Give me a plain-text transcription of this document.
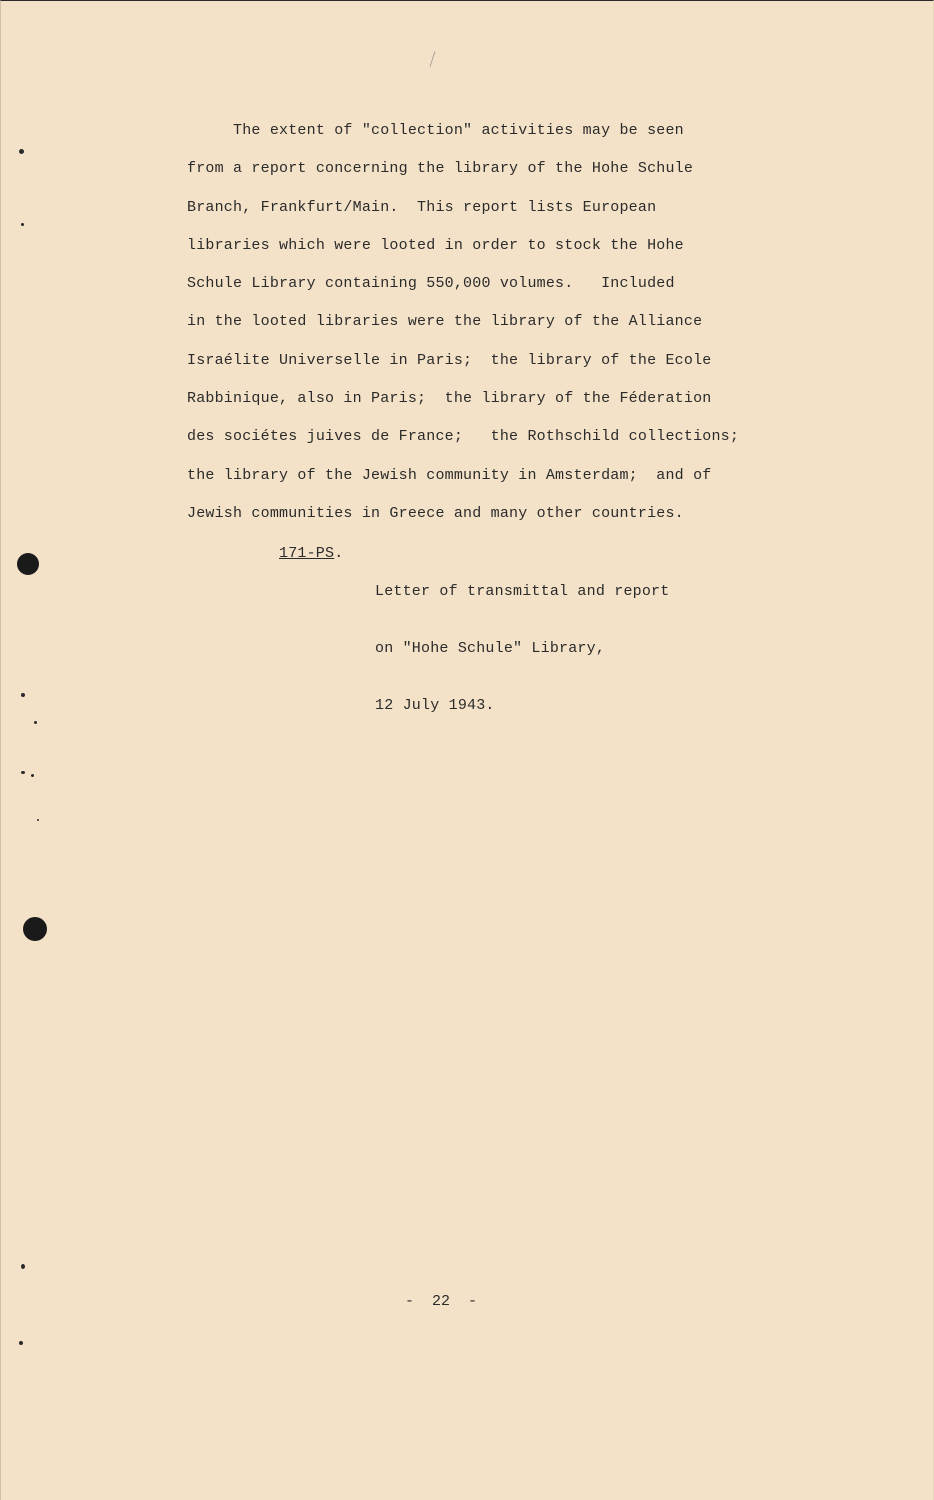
The extent of "collection" activities may be seen
from a report concerning the library of the Hohe Schule
Branch, Frankfurt/Main.  This report lists European
libraries which were looted in order to stock the Hohe
Schule Library containing 550,000 volumes.   Included
in the looted libraries were the library of the Alliance
Israélite Universelle in Paris;  the library of the Ecole
Rabbinique, also in Paris;  the library of the Féderation
des sociétes juives de France;   the Rothschild collections;
the library of the Jewish community in Amsterdam;  and of
Jewish communities in Greece and many other countries.

171-PS.

Letter of transmittal and report

on "Hohe Schule" Library,

12 July 1943.

-  22  -
